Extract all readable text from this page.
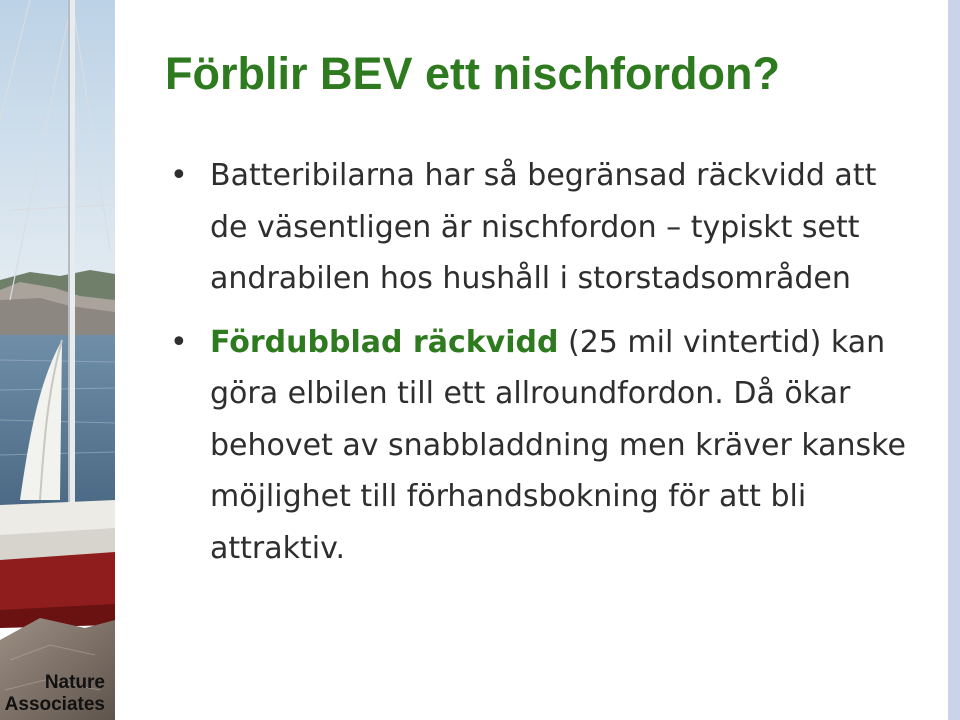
Nature
Associates
Förblir BEV ett nischfordon?
• Batteribilarna har så begränsad räckvidd att de väsentligen är nischfordon – typiskt sett andrabilen hos hushåll i storstadsområden
• Fördubblad räckvidd (25 mil vintertid) kan göra elbilen till ett allroundfordon. Då ökar behovet av snabbladdning men kräver kanske möjlighet till förhandsbokning för att bli attraktiv.
